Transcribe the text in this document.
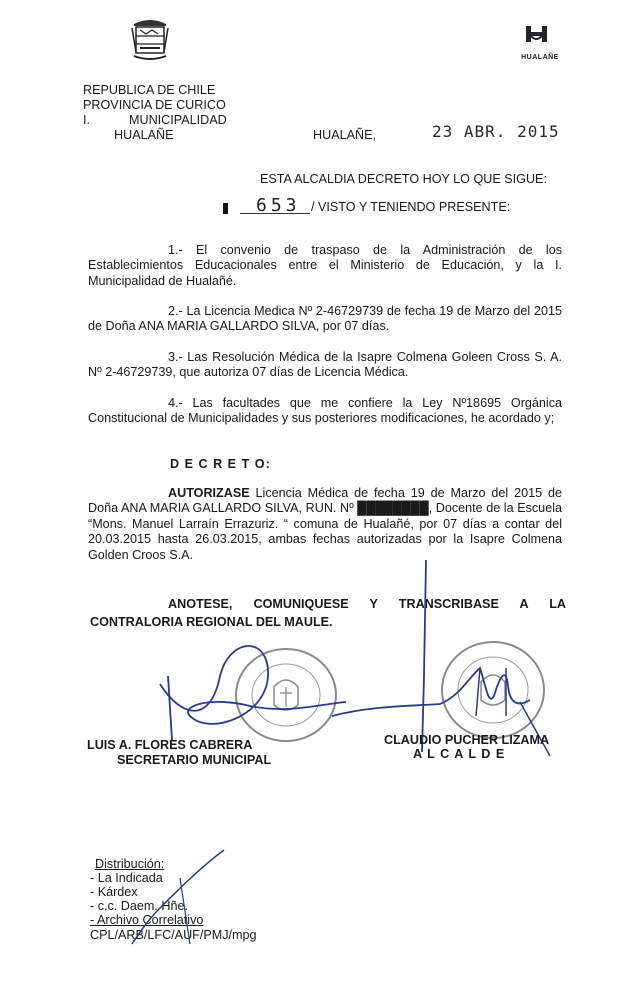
HUALAÑE
REPUBLICA DE CHILE
PROVINCIA DE CURICO
I.	MUNICIPALIDAD
HUALAÑE	HUALAÑE,	23 ABR. 2015
ESTA ALCALDIA DECRETO HOY LO QUE SIGUE:
653 / VISTO Y TENIENDO PRESENTE:
1.- El convenio de traspaso de la Administración de los Establecimientos Educacionales entre el Ministerio de Educación, y la I. Municipalidad de Hualañé.
2.- La Licencia Medica Nº 2-46729739 de fecha 19 de Marzo del 2015 de Doña ANA MARIA GALLARDO SILVA, por 07 días.
3.- Las Resolución Médica de la Isapre Colmena Goleen Cross S. A. Nº 2-46729739, que autoriza 07 días de Licencia Médica.
4.- Las facultades que me confiere la Ley Nº18695 Orgánica Constitucional de Municipalidades y sus posteriores modificaciones, he acordado y;
D E C R E T O:
AUTORIZASE Licencia Médica de fecha 19 de Marzo del 2015 de Doña ANA MARIA GALLARDO SILVA, RUN. Nº ████████, Docente de la Escuela “Mons. Manuel Larraín Errazuriz. “ comuna de Hualañé, por 07 días a contar del 20.03.2015 hasta 26.03.2015, ambas fechas autorizadas por la Isapre Colmena Golden Croos S.A.
ANOTESE, COMUNIQUESE Y TRANSCRIBASE A LA
CONTRALORIA REGIONAL DEL MAULE.
LUIS A. FLORES CABRERA
SECRETARIO MUNICIPAL
CLAUDIO PUCHER LIZAMA
A L C A L D E
Distribución:
- La Indicada
- Kárdex
- c.c. Daem. Hñe.
- Archivo Correlativo
CPL/ARB/LFC/AUF/PMJ/mpg
